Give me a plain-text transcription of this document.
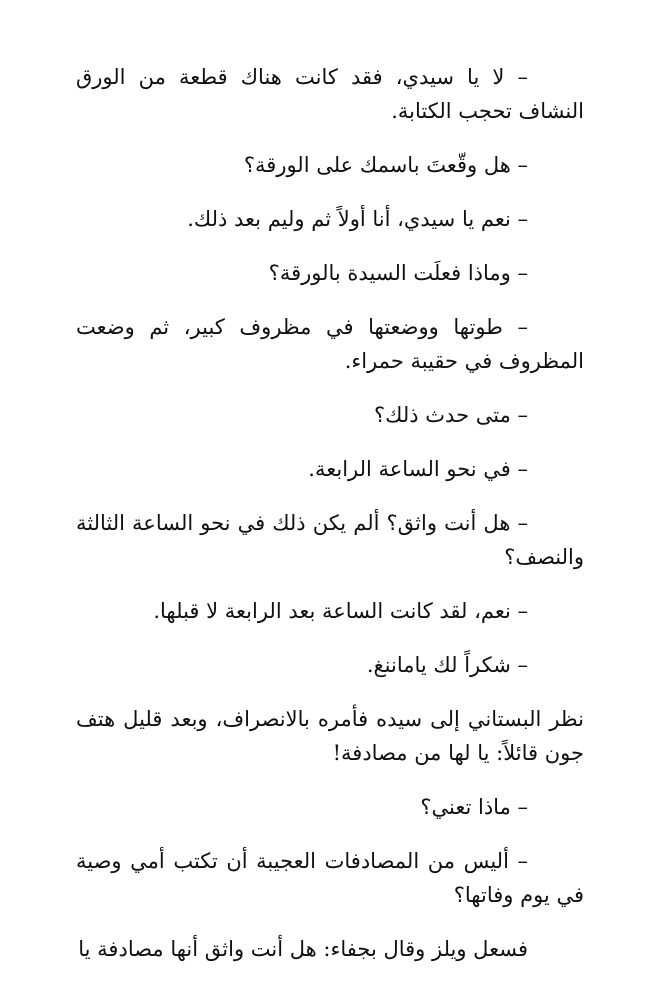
– لا يا سيدي، فقد كانت هناك قطعة من الورق النشاف تحجب الكتابة.

– هل وقّعتَ باسمك على الورقة؟

– نعم يا سيدي، أنا أولاً ثم وليم بعد ذلك.

– وماذا فعلَت السيدة بالورقة؟

– طوتها ووضعتها في مظروف كبير، ثم وضعت المظروف في حقيبة حمراء.

– متى حدث ذلك؟

– في نحو الساعة الرابعة.

– هل أنت واثق؟ ألم يكن ذلك في نحو الساعة الثالثة والنصف؟

– نعم، لقد كانت الساعة بعد الرابعة لا قبلها.

– شكراً لك ياماننغ.

نظر البستاني إلى سيده فأمره بالانصراف، وبعد قليل هتف جون قائلاً: يا لها من مصادفة!

– ماذا تعني؟

– أليس من المصادفات العجيبة أن تكتب أمي وصية في يوم وفاتها؟

فسعل ويلز وقال بجفاء: هل أنت واثق أنها مصادفة يا
